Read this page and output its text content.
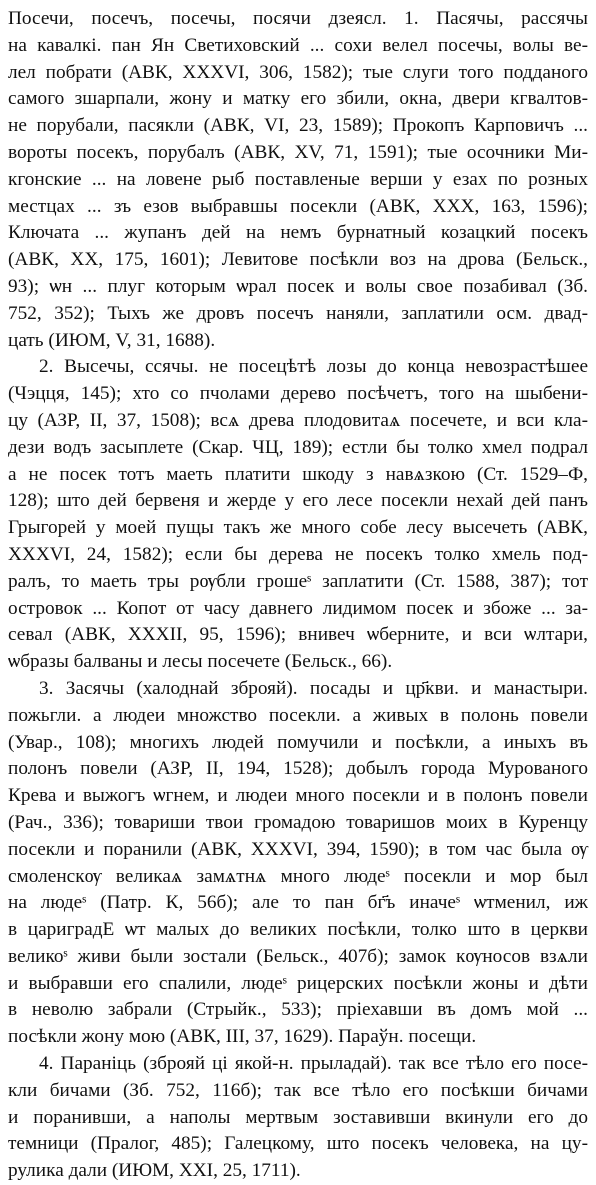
Посечи, посечъ, посечы, посячи дзеясл. 1. Пасячы, рассячы
на кавалкі. пан Ян Светиховский ... сохи велел посечы, волы ве-
лел побрати (АВК, XXXVI, 306, 1582); тые слуги того подданого
самого зшарпали, жону и матку его збили, окна, двери кгвалтов-
не порубали, пасякли (АВК, VI, 23, 1589); Прокопъ Карповичъ ...
вороты посекъ, порубалъ (АВК, XV, 71, 1591); тые осочники Ми-
кгонские ... на ловене рыб поставленые верши у езах по розных
местцах ... зъ езов выбравшы посекли (АВК, XXX, 163, 1596);
Ключата ... жупанъ дей на немъ бурнатный козацкий посекъ
(АВК, XX, 175, 1601); Левитове посѣкли воз на дрова (Бельск.,
93); ѡн ... плуг которым ѡрал посек и волы свое позабивал (Зб.
752, 352); Тыхъ же дровъ посечъ наняли, заплатили осм. двад-
цать (ИЮМ, V, 31, 1688).
2. Высечы, ссячы. не посецѣтѣ лозы до конца невозрастѣшее
(Чэцця, 145); хто со пчолами дерево посѣчетъ, того на шыбени-
цу (АЗР, II, 37, 1508); всѧ древа плодовитаѧ посечете, и вси кла-
дези водъ засыплете (Скар. ЧЦ, 189); естли бы толко хмел подрал
а не посек тотъ маеть платити шкоду з навѧзкою (Ст. 1529–Ф,
128); што дей бервеня и жерде у его лесе посекли нехай дей панъ
Грыгорей у моей пущы такъ же много собе лесу высечеть (АВК,
XXXVI, 24, 1582); если бы дерева не посекъ толко хмель под-
ралъ, то маеть тры рѹбли грошеˢ заплатити (Ст. 1588, 387); тот
островок ... Копот от часу давнего лидимом посек и збоже ... за-
севал (АВК, XXXII, 95, 1596); внивеч ѡберните, и вси ѡлтари,
ѡбразы балваны и лесы посечете (Бельск., 66).
3. Засячы (халоднай зброяй). посады и цр҃кви. и манастыри.
пожьгли. а людеи множство посекли. а живых в полонь повели
(Увар., 108); многихъ людей помучили и посѣкли, а иныхъ въ
полонъ повели (АЗР, II, 194, 1528); добылъ города Мурованого
Крева и выжогъ ѡгнем, и людеи много посекли и в полонъ повели
(Рач., 336); товариши твои громадою товаришов моих в Куренцу
посекли и поранили (АВК, XXXVI, 394, 1590); в том час была ѹ
смоленскѹ великаѧ замѧтнѧ много людеˢ посекли и мор был
на людеˢ (Патр. К, 56б); але то пан бг҃ъ иначеˢ ѡтменил, иж
в цариградЕ ѡт малых до великих посѣкли, толко што в церкви
великоˢ живи были зостали (Бельск., 407б); замок кѹносов взѧли
и выбравши его спалили, людеˢ рицерских посѣкли жоны и дѣти
в неволю забрали (Стрыйк., 533); пріехавши въ домъ мой ...
посѣкли жону мою (АВК, III, 37, 1629). Параўн. посещи.
4. Паранiць (зброяй цi якой-н. прыладай). так все тѣло его посе-
кли бичами (Зб. 752, 116б); так все тѣло его посѣкши бичами
и поранивши, а наполы мертвым зоставивши вкинули его до
темници (Пралог, 485); Галецкому, што посекъ человека, на цу-
рулика дали (ИЮМ, XXI, 25, 1711).
